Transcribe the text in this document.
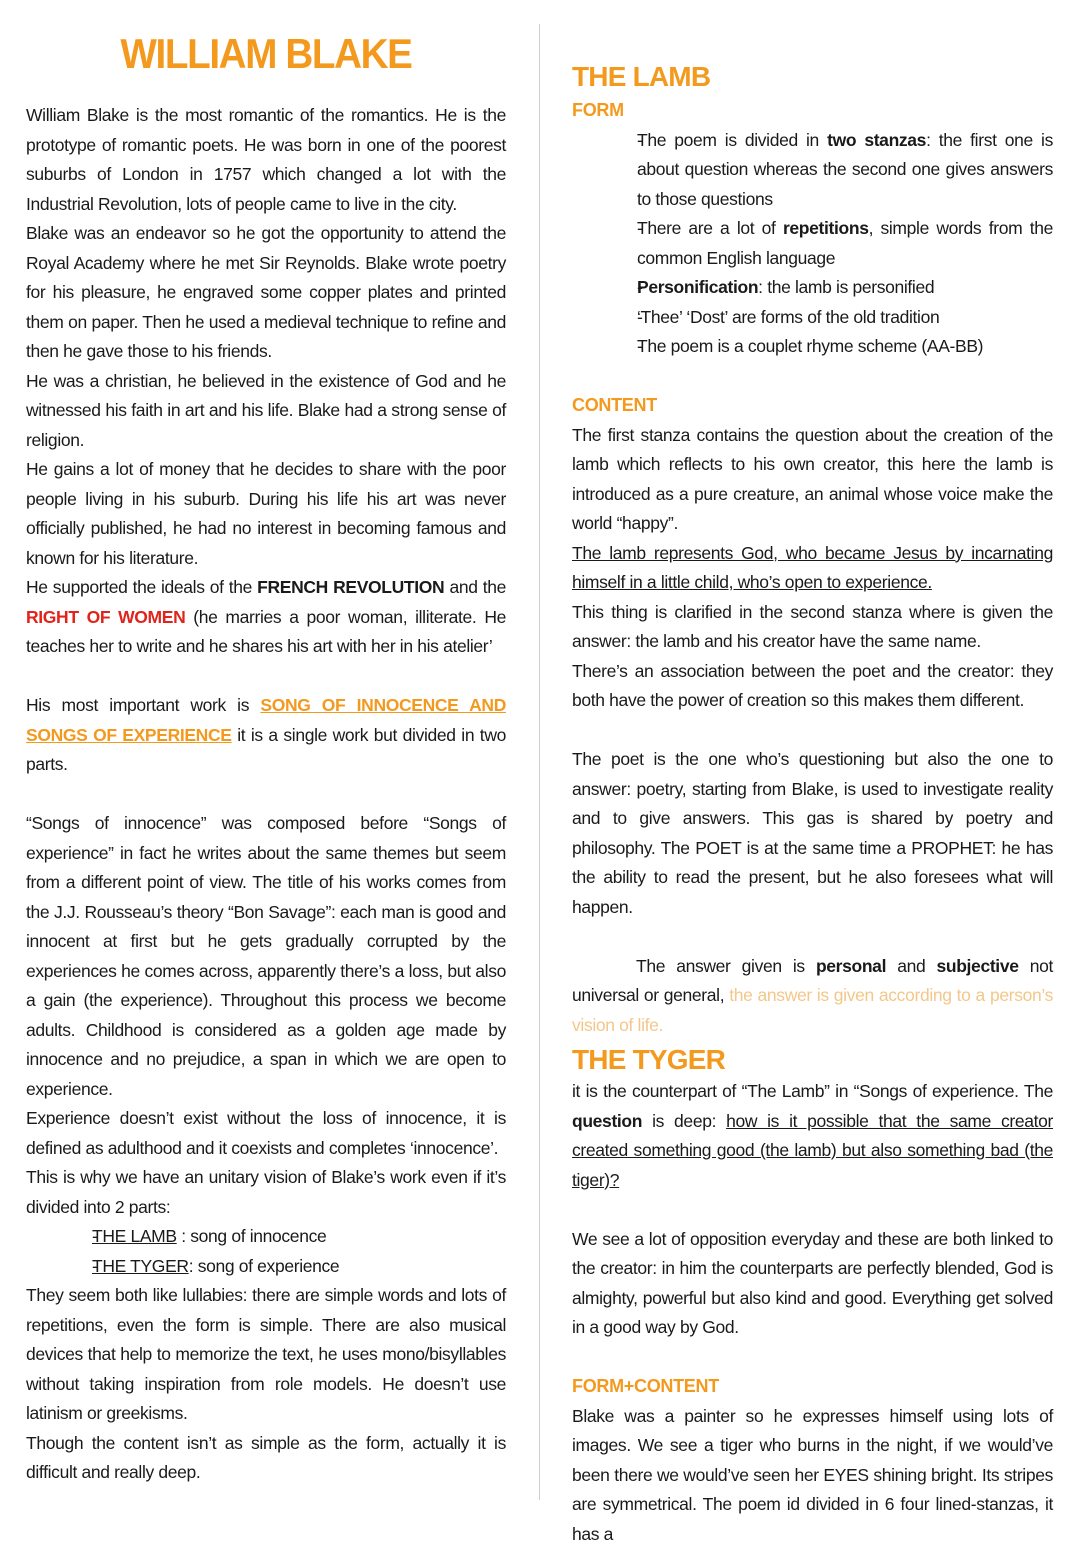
WILLIAM BLAKE

William Blake is the most romantic of the romantics. He is the prototype of romantic poets. He was born in one of the poorest suburbs of London in 1757 which changed a lot with the Industrial Revolution, lots of people came to live in the city.

Blake was an endeavor so he got the opportunity to attend the Royal Academy where he met Sir Reynolds. Blake wrote poetry for his pleasure, he engraved some copper plates and printed them on paper. Then he used a medieval technique to refine and then he gave those to his friends.

He was a christian, he believed in the existence of God and he witnessed his faith in art and his life. Blake had a strong sense of religion.

He gains a lot of money that he decides to share with the poor people living in his suburb. During his life his art was never officially published, he had no interest in becoming famous and known for his literature.

He supported the ideals of the FRENCH REVOLUTION and the RIGHT OF WOMEN (he marries a poor woman, illiterate. He teaches her to write and he shares his art with her in his atelier’

His most important work is SONG OF INNOCENCE AND SONGS OF EXPERIENCE it is a single work but divided in two parts.

“Songs of innocence” was composed before “Songs of experience” in fact he writes about the same themes but seem from a different point of view. The title of his works comes from the J.J. Rousseau’s theory “Bon Savage”: each man is good and innocent at first but he gets gradually corrupted by the experiences he comes across, apparently there’s a loss, but also a gain (the experience). Throughout this process we become adults. Childhood is considered as a golden age made by innocence and no prejudice, a span in which we are open to experience.

Experience doesn’t exist without the loss of innocence, it is defined as adulthood and it coexists and completes ‘innocence’.

This is why we have an unitary vision of Blake’s work even if it’s divided into 2 parts:

- THE LAMB : song of innocence
- THE TYGER: song of experience

They seem both like lullabies: there are simple words and lots of repetitions, even the form is simple. There are also musical devices that help to memorize the text, he uses mono/bisyllables without taking inspiration from role models. He doesn’t use latinism or greekisms.

Though the content isn’t as simple as the form, actually it is difficult and really deep.

THE LAMB
FORM
- The poem is divided in two stanzas: the first one is about question whereas the second one gives answers to those questions
- There are a lot of repetitions, simple words from the common English language
- Personification: the lamb is personified
- ‘Thee’ ‘Dost’ are forms of the old tradition
- The poem is a couplet rhyme scheme (AA-BB)
CONTENT

The first stanza contains the question about the creation of the lamb which reflects to his own creator, this here the lamb is introduced as a pure creature, an animal whose voice make the world “happy”.

The lamb represents God, who became Jesus by incarnating himself in a little child, who’s open to experience.

This thing is clarified in the second stanza where is given the answer: the lamb and his creator have the same name.

There’s an association between the poet and the creator: they both have the power of creation so this makes them different.

The poet is the one who’s questioning but also the one to answer: poetry, starting from Blake, is used to investigate reality and to give answers. This gas is shared by poetry and philosophy. The POET is at the same time a PROPHET: he has the ability to read the present, but he also foresees what will happen.

The answer given is personal and subjective not universal or general, the answer is given according to a person’s vision of life.

THE TYGER

it is the counterpart of “The Lamb” in “Songs of experience. The question is deep: how is it possible that the same creator created something good (the lamb) but also something bad (the tiger)?

We see a lot of opposition everyday and these are both linked to the creator: in him the counterparts are perfectly blended, God is almighty, powerful but also kind and good. Everything get solved in a good way by God.

FORM+CONTENT

Blake was a painter so he expresses himself using lots of images. We see a tiger who burns in the night, if we would’ve been there we would’ve seen her EYES shining bright. Its stripes are symmetrical. The poem id divided in 6 four lined-stanzas, it has a
